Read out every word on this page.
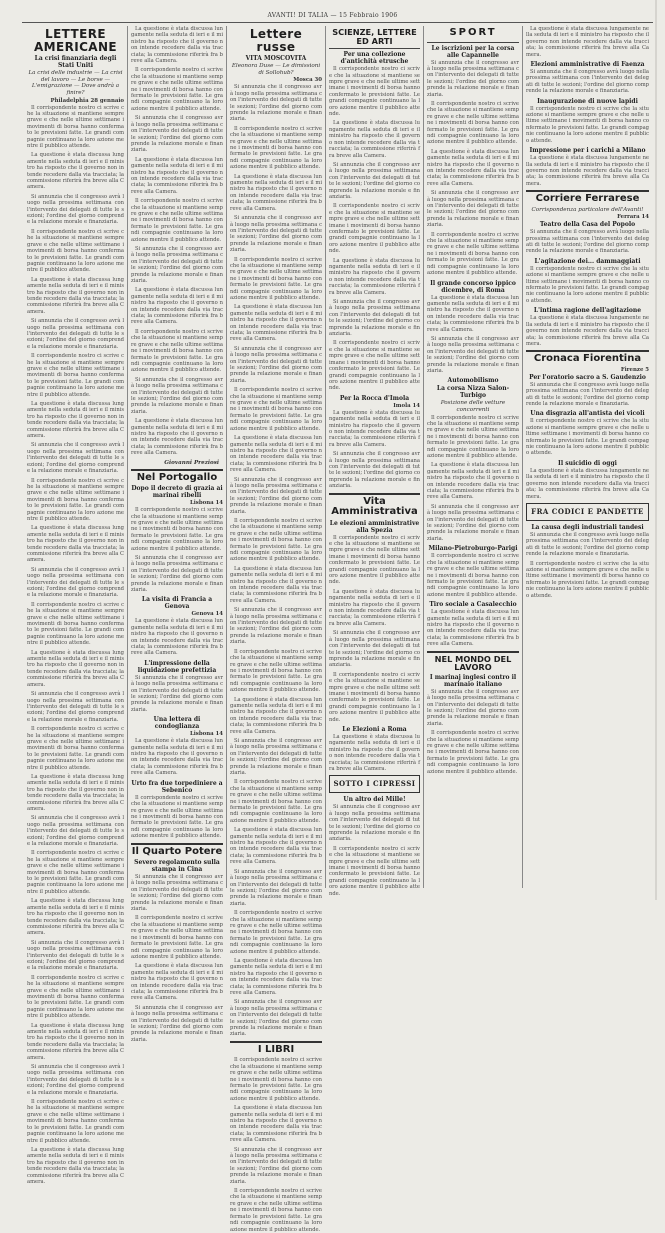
AVANTI! DI TALIA — 15 Febbraio 1906
LETTERE AMERICANE
La crisi finanziaria degli Stati Uniti
La crisi delle industrie — La crisi del lavoro — Le borse — L'emigrazione — Dove andrà a finire?
Philadelphia 28 gennaio

Il corrispondente nostro ci scrive che la situazione si mantiene sempre grave e che nelle ultime settimane i movimenti di borsa hanno confermato le previsioni fatte. Le grandi compagnie continuano la loro azione mentre il pubblico attende.

La questione è stata discussa lungamente nella seduta di ieri e il ministro ha risposto che il governo non intende recedere dalla via tracciata; la commissione riferirà fra breve alla Camera.

Si annunzia che il congresso avrà luogo nella prossima settimana con l'intervento dei delegati di tutte le sezioni; l'ordine del giorno comprende la relazione morale e finanziaria.

Il corrispondente nostro ci scrive che la situazione si mantiene sempre grave e che nelle ultime settimane i movimenti di borsa hanno confermato le previsioni fatte. Le grandi compagnie continuano la loro azione mentre il pubblico attende.

La questione è stata discussa lungamente nella seduta di ieri e il ministro ha risposto che il governo non intende recedere dalla via tracciata; la commissione riferirà fra breve alla Camera.

Si annunzia che il congresso avrà luogo nella prossima settimana con l'intervento dei delegati di tutte le sezioni; l'ordine del giorno comprende la relazione morale e finanziaria.

Il corrispondente nostro ci scrive che la situazione si mantiene sempre grave e che nelle ultime settimane i movimenti di borsa hanno confermato le previsioni fatte. Le grandi compagnie continuano la loro azione mentre il pubblico attende.

La questione è stata discussa lungamente nella seduta di ieri e il ministro ha risposto che il governo non intende recedere dalla via tracciata; la commissione riferirà fra breve alla Camera.

Si annunzia che il congresso avrà luogo nella prossima settimana con l'intervento dei delegati di tutte le sezioni; l'ordine del giorno comprende la relazione morale e finanziaria.

Il corrispondente nostro ci scrive che la situazione si mantiene sempre grave e che nelle ultime settimane i movimenti di borsa hanno confermato le previsioni fatte. Le grandi compagnie continuano la loro azione mentre il pubblico attende.

La questione è stata discussa lungamente nella seduta di ieri e il ministro ha risposto che il governo non intende recedere dalla via tracciata; la commissione riferirà fra breve alla Camera.

Si annunzia che il congresso avrà luogo nella prossima settimana con l'intervento dei delegati di tutte le sezioni; l'ordine del giorno comprende la relazione morale e finanziaria.

Il corrispondente nostro ci scrive che la situazione si mantiene sempre grave e che nelle ultime settimane i movimenti di borsa hanno confermato le previsioni fatte. Le grandi compagnie continuano la loro azione mentre il pubblico attende.

La questione è stata discussa lungamente nella seduta di ieri e il ministro ha risposto che il governo non intende recedere dalla via tracciata; la commissione riferirà fra breve alla Camera.

Si annunzia che il congresso avrà luogo nella prossima settimana con l'intervento dei delegati di tutte le sezioni; l'ordine del giorno comprende la relazione morale e finanziaria.

Il corrispondente nostro ci scrive che la situazione si mantiene sempre grave e che nelle ultime settimane i movimenti di borsa hanno confermato le previsioni fatte. Le grandi compagnie continuano la loro azione mentre il pubblico attende.

La questione è stata discussa lungamente nella seduta di ieri e il ministro ha risposto che il governo non intende recedere dalla via tracciata; la commissione riferirà fra breve alla Camera.

Si annunzia che il congresso avrà luogo nella prossima settimana con l'intervento dei delegati di tutte le sezioni; l'ordine del giorno comprende la relazione morale e finanziaria.

Il corrispondente nostro ci scrive che la situazione si mantiene sempre grave e che nelle ultime settimane i movimenti di borsa hanno confermato le previsioni fatte. Le grandi compagnie continuano la loro azione mentre il pubblico attende.

La questione è stata discussa lungamente nella seduta di ieri e il ministro ha risposto che il governo non intende recedere dalla via tracciata; la commissione riferirà fra breve alla Camera.

Si annunzia che il congresso avrà luogo nella prossima settimana con l'intervento dei delegati di tutte le sezioni; l'ordine del giorno comprende la relazione morale e finanziaria.

Il corrispondente nostro ci scrive che la situazione si mantiene sempre grave e che nelle ultime settimane i movimenti di borsa hanno confermato le previsioni fatte. Le grandi compagnie continuano la loro azione mentre il pubblico attende.

La questione è stata discussa lungamente nella seduta di ieri e il ministro ha risposto che il governo non intende recedere dalla via tracciata; la commissione riferirà fra breve alla Camera.

Si annunzia che il congresso avrà luogo nella prossima settimana con l'intervento dei delegati di tutte le sezioni; l'ordine del giorno comprende la relazione morale e finanziaria.

Il corrispondente nostro ci scrive che la situazione si mantiene sempre grave e che nelle ultime settimane i movimenti di borsa hanno confermato le previsioni fatte. Le grandi compagnie continuano la loro azione mentre il pubblico attende.

La questione è stata discussa lungamente nella seduta di ieri e il ministro ha risposto che il governo non intende recedere dalla via tracciata; la commissione riferirà fra breve alla Camera.

La questione è stata discussa lungamente nella seduta di ieri e il ministro ha risposto che il governo non intende recedere dalla via tracciata; la commissione riferirà fra breve alla Camera.

Il corrispondente nostro ci scrive che la situazione si mantiene sempre grave e che nelle ultime settimane i movimenti di borsa hanno confermato le previsioni fatte. Le grandi compagnie continuano la loro azione mentre il pubblico attende.

Si annunzia che il congresso avrà luogo nella prossima settimana con l'intervento dei delegati di tutte le sezioni; l'ordine del giorno comprende la relazione morale e finanziaria.

La questione è stata discussa lungamente nella seduta di ieri e il ministro ha risposto che il governo non intende recedere dalla via tracciata; la commissione riferirà fra breve alla Camera.

Il corrispondente nostro ci scrive che la situazione si mantiene sempre grave e che nelle ultime settimane i movimenti di borsa hanno confermato le previsioni fatte. Le grandi compagnie continuano la loro azione mentre il pubblico attende.

Si annunzia che il congresso avrà luogo nella prossima settimana con l'intervento dei delegati di tutte le sezioni; l'ordine del giorno comprende la relazione morale e finanziaria.

La questione è stata discussa lungamente nella seduta di ieri e il ministro ha risposto che il governo non intende recedere dalla via tracciata; la commissione riferirà fra breve alla Camera.

Il corrispondente nostro ci scrive che la situazione si mantiene sempre grave e che nelle ultime settimane i movimenti di borsa hanno confermato le previsioni fatte. Le grandi compagnie continuano la loro azione mentre il pubblico attende.

Si annunzia che il congresso avrà luogo nella prossima settimana con l'intervento dei delegati di tutte le sezioni; l'ordine del giorno comprende la relazione morale e finanziaria.

La questione è stata discussa lungamente nella seduta di ieri e il ministro ha risposto che il governo non intende recedere dalla via tracciata; la commissione riferirà fra breve alla Camera.

Giovanni Preziosi
Nel Portogallo
Dopo il decreto di grazia ai marinai ribelli
Lisbona 14

Il corrispondente nostro ci scrive che la situazione si mantiene sempre grave e che nelle ultime settimane i movimenti di borsa hanno confermato le previsioni fatte. Le grandi compagnie continuano la loro azione mentre il pubblico attende.

Si annunzia che il congresso avrà luogo nella prossima settimana con l'intervento dei delegati di tutte le sezioni; l'ordine del giorno comprende la relazione morale e finanziaria.

La visita di Francia a Genova
Genova 14

La questione è stata discussa lungamente nella seduta di ieri e il ministro ha risposto che il governo non intende recedere dalla via tracciata; la commissione riferirà fra breve alla Camera.

L'impressione della liquidazione prefettizia

Si annunzia che il congresso avrà luogo nella prossima settimana con l'intervento dei delegati di tutte le sezioni; l'ordine del giorno comprende la relazione morale e finanziaria.

Una lettera di condoglianza
Lisbona 14

La questione è stata discussa lungamente nella seduta di ieri e il ministro ha risposto che il governo non intende recedere dalla via tracciata; la commissione riferirà fra breve alla Camera.

Urto fra due torpediniere a Sebenico

Il corrispondente nostro ci scrive che la situazione si mantiene sempre grave e che nelle ultime settimane i movimenti di borsa hanno confermato le previsioni fatte. Le grandi compagnie continuano la loro azione mentre il pubblico attende.

Il Quarto Potere
Severo regolamento sulla stampa in Cina

Si annunzia che il congresso avrà luogo nella prossima settimana con l'intervento dei delegati di tutte le sezioni; l'ordine del giorno comprende la relazione morale e finanziaria.

Il corrispondente nostro ci scrive che la situazione si mantiene sempre grave e che nelle ultime settimane i movimenti di borsa hanno confermato le previsioni fatte. Le grandi compagnie continuano la loro azione mentre il pubblico attende.

La questione è stata discussa lungamente nella seduta di ieri e il ministro ha risposto che il governo non intende recedere dalla via tracciata; la commissione riferirà fra breve alla Camera.

Si annunzia che il congresso avrà luogo nella prossima settimana con l'intervento dei delegati di tutte le sezioni; l'ordine del giorno comprende la relazione morale e finanziaria.

Lettere russe
VITA MOSCOVITA
Eleonora Duse — Le dimissioni di Sollohub?
Mosca 30

Si annunzia che il congresso avrà luogo nella prossima settimana con l'intervento dei delegati di tutte le sezioni; l'ordine del giorno comprende la relazione morale e finanziaria.

Il corrispondente nostro ci scrive che la situazione si mantiene sempre grave e che nelle ultime settimane i movimenti di borsa hanno confermato le previsioni fatte. Le grandi compagnie continuano la loro azione mentre il pubblico attende.

La questione è stata discussa lungamente nella seduta di ieri e il ministro ha risposto che il governo non intende recedere dalla via tracciata; la commissione riferirà fra breve alla Camera.

Si annunzia che il congresso avrà luogo nella prossima settimana con l'intervento dei delegati di tutte le sezioni; l'ordine del giorno comprende la relazione morale e finanziaria.

Il corrispondente nostro ci scrive che la situazione si mantiene sempre grave e che nelle ultime settimane i movimenti di borsa hanno confermato le previsioni fatte. Le grandi compagnie continuano la loro azione mentre il pubblico attende.

La questione è stata discussa lungamente nella seduta di ieri e il ministro ha risposto che il governo non intende recedere dalla via tracciata; la commissione riferirà fra breve alla Camera.

Si annunzia che il congresso avrà luogo nella prossima settimana con l'intervento dei delegati di tutte le sezioni; l'ordine del giorno comprende la relazione morale e finanziaria.

Il corrispondente nostro ci scrive che la situazione si mantiene sempre grave e che nelle ultime settimane i movimenti di borsa hanno confermato le previsioni fatte. Le grandi compagnie continuano la loro azione mentre il pubblico attende.

La questione è stata discussa lungamente nella seduta di ieri e il ministro ha risposto che il governo non intende recedere dalla via tracciata; la commissione riferirà fra breve alla Camera.

Si annunzia che il congresso avrà luogo nella prossima settimana con l'intervento dei delegati di tutte le sezioni; l'ordine del giorno comprende la relazione morale e finanziaria.

Il corrispondente nostro ci scrive che la situazione si mantiene sempre grave e che nelle ultime settimane i movimenti di borsa hanno confermato le previsioni fatte. Le grandi compagnie continuano la loro azione mentre il pubblico attende.

La questione è stata discussa lungamente nella seduta di ieri e il ministro ha risposto che il governo non intende recedere dalla via tracciata; la commissione riferirà fra breve alla Camera.

Si annunzia che il congresso avrà luogo nella prossima settimana con l'intervento dei delegati di tutte le sezioni; l'ordine del giorno comprende la relazione morale e finanziaria.

Il corrispondente nostro ci scrive che la situazione si mantiene sempre grave e che nelle ultime settimane i movimenti di borsa hanno confermato le previsioni fatte. Le grandi compagnie continuano la loro azione mentre il pubblico attende.

La questione è stata discussa lungamente nella seduta di ieri e il ministro ha risposto che il governo non intende recedere dalla via tracciata; la commissione riferirà fra breve alla Camera.

Si annunzia che il congresso avrà luogo nella prossima settimana con l'intervento dei delegati di tutte le sezioni; l'ordine del giorno comprende la relazione morale e finanziaria.

Il corrispondente nostro ci scrive che la situazione si mantiene sempre grave e che nelle ultime settimane i movimenti di borsa hanno confermato le previsioni fatte. Le grandi compagnie continuano la loro azione mentre il pubblico attende.

La questione è stata discussa lungamente nella seduta di ieri e il ministro ha risposto che il governo non intende recedere dalla via tracciata; la commissione riferirà fra breve alla Camera.

Si annunzia che il congresso avrà luogo nella prossima settimana con l'intervento dei delegati di tutte le sezioni; l'ordine del giorno comprende la relazione morale e finanziaria.

Il corrispondente nostro ci scrive che la situazione si mantiene sempre grave e che nelle ultime settimane i movimenti di borsa hanno confermato le previsioni fatte. Le grandi compagnie continuano la loro azione mentre il pubblico attende.

La questione è stata discussa lungamente nella seduta di ieri e il ministro ha risposto che il governo non intende recedere dalla via tracciata; la commissione riferirà fra breve alla Camera.

Si annunzia che il congresso avrà luogo nella prossima settimana con l'intervento dei delegati di tutte le sezioni; l'ordine del giorno comprende la relazione morale e finanziaria.

I LIBRI

Il corrispondente nostro ci scrive che la situazione si mantiene sempre grave e che nelle ultime settimane i movimenti di borsa hanno confermato le previsioni fatte. Le grandi compagnie continuano la loro azione mentre il pubblico attende.

La questione è stata discussa lungamente nella seduta di ieri e il ministro ha risposto che il governo non intende recedere dalla via tracciata; la commissione riferirà fra breve alla Camera.

Si annunzia che il congresso avrà luogo nella prossima settimana con l'intervento dei delegati di tutte le sezioni; l'ordine del giorno comprende la relazione morale e finanziaria.

Il corrispondente nostro ci scrive che la situazione si mantiene sempre grave e che nelle ultime settimane i movimenti di borsa hanno confermato le previsioni fatte. Le grandi compagnie continuano la loro azione mentre il pubblico attende.

SCIENZE, LETTERE ED ARTI
Per una collezione d'antichità etrusche

Il corrispondente nostro ci scrive che la situazione si mantiene sempre grave e che nelle ultime settimane i movimenti di borsa hanno confermato le previsioni fatte. Le grandi compagnie continuano la loro azione mentre il pubblico attende.

La questione è stata discussa lungamente nella seduta di ieri e il ministro ha risposto che il governo non intende recedere dalla via tracciata; la commissione riferirà fra breve alla Camera.

Si annunzia che il congresso avrà luogo nella prossima settimana con l'intervento dei delegati di tutte le sezioni; l'ordine del giorno comprende la relazione morale e finanziaria.

Il corrispondente nostro ci scrive che la situazione si mantiene sempre grave e che nelle ultime settimane i movimenti di borsa hanno confermato le previsioni fatte. Le grandi compagnie continuano la loro azione mentre il pubblico attende.

La questione è stata discussa lungamente nella seduta di ieri e il ministro ha risposto che il governo non intende recedere dalla via tracciata; la commissione riferirà fra breve alla Camera.

Si annunzia che il congresso avrà luogo nella prossima settimana con l'intervento dei delegati di tutte le sezioni; l'ordine del giorno comprende la relazione morale e finanziaria.

Il corrispondente nostro ci scrive che la situazione si mantiene sempre grave e che nelle ultime settimane i movimenti di borsa hanno confermato le previsioni fatte. Le grandi compagnie continuano la loro azione mentre il pubblico attende.

Per la Rocca d'Imola
Imola 14

La questione è stata discussa lungamente nella seduta di ieri e il ministro ha risposto che il governo non intende recedere dalla via tracciata; la commissione riferirà fra breve alla Camera.

Si annunzia che il congresso avrà luogo nella prossima settimana con l'intervento dei delegati di tutte le sezioni; l'ordine del giorno comprende la relazione morale e finanziaria.

Vita Amministrativa
Le elezioni amministrative alla Spezia

Il corrispondente nostro ci scrive che la situazione si mantiene sempre grave e che nelle ultime settimane i movimenti di borsa hanno confermato le previsioni fatte. Le grandi compagnie continuano la loro azione mentre il pubblico attende.

La questione è stata discussa lungamente nella seduta di ieri e il ministro ha risposto che il governo non intende recedere dalla via tracciata; la commissione riferirà fra breve alla Camera.

Si annunzia che il congresso avrà luogo nella prossima settimana con l'intervento dei delegati di tutte le sezioni; l'ordine del giorno comprende la relazione morale e finanziaria.

Il corrispondente nostro ci scrive che la situazione si mantiene sempre grave e che nelle ultime settimane i movimenti di borsa hanno confermato le previsioni fatte. Le grandi compagnie continuano la loro azione mentre il pubblico attende.

Le Elezioni a Roma

La questione è stata discussa lungamente nella seduta di ieri e il ministro ha risposto che il governo non intende recedere dalla via tracciata; la commissione riferirà fra breve alla Camera.

SOTTO I CIPRESSI
Un altro dei Mille!

Si annunzia che il congresso avrà luogo nella prossima settimana con l'intervento dei delegati di tutte le sezioni; l'ordine del giorno comprende la relazione morale e finanziaria.

Il corrispondente nostro ci scrive che la situazione si mantiene sempre grave e che nelle ultime settimane i movimenti di borsa hanno confermato le previsioni fatte. Le grandi compagnie continuano la loro azione mentre il pubblico attende.

SPORT
Le iscrizioni per la corsa alle Capannelle

Si annunzia che il congresso avrà luogo nella prossima settimana con l'intervento dei delegati di tutte le sezioni; l'ordine del giorno comprende la relazione morale e finanziaria.

Il corrispondente nostro ci scrive che la situazione si mantiene sempre grave e che nelle ultime settimane i movimenti di borsa hanno confermato le previsioni fatte. Le grandi compagnie continuano la loro azione mentre il pubblico attende.

La questione è stata discussa lungamente nella seduta di ieri e il ministro ha risposto che il governo non intende recedere dalla via tracciata; la commissione riferirà fra breve alla Camera.

Si annunzia che il congresso avrà luogo nella prossima settimana con l'intervento dei delegati di tutte le sezioni; l'ordine del giorno comprende la relazione morale e finanziaria.

Il corrispondente nostro ci scrive che la situazione si mantiene sempre grave e che nelle ultime settimane i movimenti di borsa hanno confermato le previsioni fatte. Le grandi compagnie continuano la loro azione mentre il pubblico attende.

Il grande concorso ippico dicembre, di Roma

La questione è stata discussa lungamente nella seduta di ieri e il ministro ha risposto che il governo non intende recedere dalla via tracciata; la commissione riferirà fra breve alla Camera.

Si annunzia che il congresso avrà luogo nella prossima settimana con l'intervento dei delegati di tutte le sezioni; l'ordine del giorno comprende la relazione morale e finanziaria.

Automobilismo
La corsa Nizza Salon-Turbigo
Posizione delle vetture concorrenti

Il corrispondente nostro ci scrive che la situazione si mantiene sempre grave e che nelle ultime settimane i movimenti di borsa hanno confermato le previsioni fatte. Le grandi compagnie continuano la loro azione mentre il pubblico attende.

La questione è stata discussa lungamente nella seduta di ieri e il ministro ha risposto che il governo non intende recedere dalla via tracciata; la commissione riferirà fra breve alla Camera.

Si annunzia che il congresso avrà luogo nella prossima settimana con l'intervento dei delegati di tutte le sezioni; l'ordine del giorno comprende la relazione morale e finanziaria.

Milano-Pietroburgo-Parigi

Il corrispondente nostro ci scrive che la situazione si mantiene sempre grave e che nelle ultime settimane i movimenti di borsa hanno confermato le previsioni fatte. Le grandi compagnie continuano la loro azione mentre il pubblico attende.

Tiro sociale a Casalecchio

La questione è stata discussa lungamente nella seduta di ieri e il ministro ha risposto che il governo non intende recedere dalla via tracciata; la commissione riferirà fra breve alla Camera.

NEL MONDO DEL LAVORO
I marinaj inglesi contro il marinaio italiano

Si annunzia che il congresso avrà luogo nella prossima settimana con l'intervento dei delegati di tutte le sezioni; l'ordine del giorno comprende la relazione morale e finanziaria.

Il corrispondente nostro ci scrive che la situazione si mantiene sempre grave e che nelle ultime settimane i movimenti di borsa hanno confermato le previsioni fatte. Le grandi compagnie continuano la loro azione mentre il pubblico attende.

La questione è stata discussa lungamente nella seduta di ieri e il ministro ha risposto che il governo non intende recedere dalla via tracciata; la commissione riferirà fra breve alla Camera.

Elezioni amministrative di Faenza

Si annunzia che il congresso avrà luogo nella prossima settimana con l'intervento dei delegati di tutte le sezioni; l'ordine del giorno comprende la relazione morale e finanziaria.

Inaugurazione di nuove lapidi

Il corrispondente nostro ci scrive che la situazione si mantiene sempre grave e che nelle ultime settimane i movimenti di borsa hanno confermato le previsioni fatte. Le grandi compagnie continuano la loro azione mentre il pubblico attende.

Impressione per i carichi a Milano

La questione è stata discussa lungamente nella seduta di ieri e il ministro ha risposto che il governo non intende recedere dalla via tracciata; la commissione riferirà fra breve alla Camera.

Corriere Ferrarese
Corrispondenza particolare dell'Avanti!
Ferrara 14
Teatro della Casa del Popolo

Si annunzia che il congresso avrà luogo nella prossima settimana con l'intervento dei delegati di tutte le sezioni; l'ordine del giorno comprende la relazione morale e finanziaria.

L'agitazione dei... dammaggiati

Il corrispondente nostro ci scrive che la situazione si mantiene sempre grave e che nelle ultime settimane i movimenti di borsa hanno confermato le previsioni fatte. Le grandi compagnie continuano la loro azione mentre il pubblico attende.

L'intima ragione dell'agitazione

La questione è stata discussa lungamente nella seduta di ieri e il ministro ha risposto che il governo non intende recedere dalla via tracciata; la commissione riferirà fra breve alla Camera.

Cronaca Fiorentina
Firenze 5
Per l'oratorio sacro a S. Gaudenzio

Si annunzia che il congresso avrà luogo nella prossima settimana con l'intervento dei delegati di tutte le sezioni; l'ordine del giorno comprende la relazione morale e finanziaria.

Una disgrazia all'antista dei vicoli

Il corrispondente nostro ci scrive che la situazione si mantiene sempre grave e che nelle ultime settimane i movimenti di borsa hanno confermato le previsioni fatte. Le grandi compagnie continuano la loro azione mentre il pubblico attende.

Il suicidio di oggi

La questione è stata discussa lungamente nella seduta di ieri e il ministro ha risposto che il governo non intende recedere dalla via tracciata; la commissione riferirà fra breve alla Camera.

FRA CODICI E PANDETTE
La causa degli industriali tandesi

Si annunzia che il congresso avrà luogo nella prossima settimana con l'intervento dei delegati di tutte le sezioni; l'ordine del giorno comprende la relazione morale e finanziaria.

Il corrispondente nostro ci scrive che la situazione si mantiene sempre grave e che nelle ultime settimane i movimenti di borsa hanno confermato le previsioni fatte. Le grandi compagnie continuano la loro azione mentre il pubblico attende.
